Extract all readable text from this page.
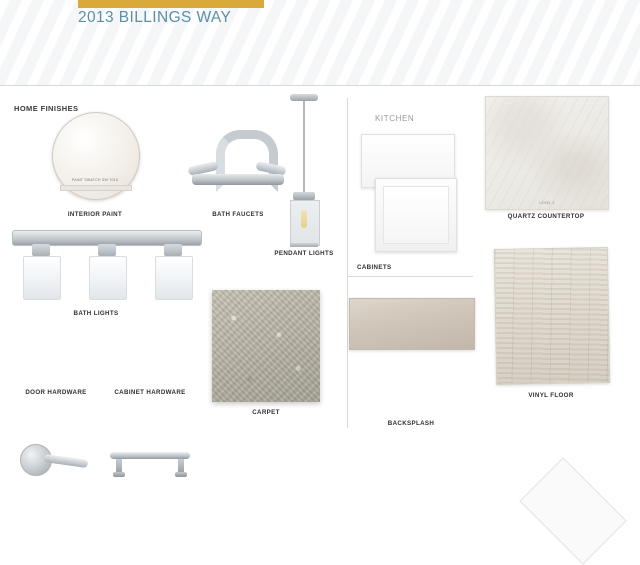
2013 BILLINGS WAY
HOME FINISHES
KITCHEN
PAINT SWATCH SW 7015
INTERIOR PAINT	BATH FAUCETS
PENDANT LIGHTS
BATH LIGHTS
DOOR HARDWARE	CABINET HARDWARE
CARPET
CABINETS
BACKSPLASH
LEVEL 2
QUARTZ COUNTERTOP
VINYL FLOOR
